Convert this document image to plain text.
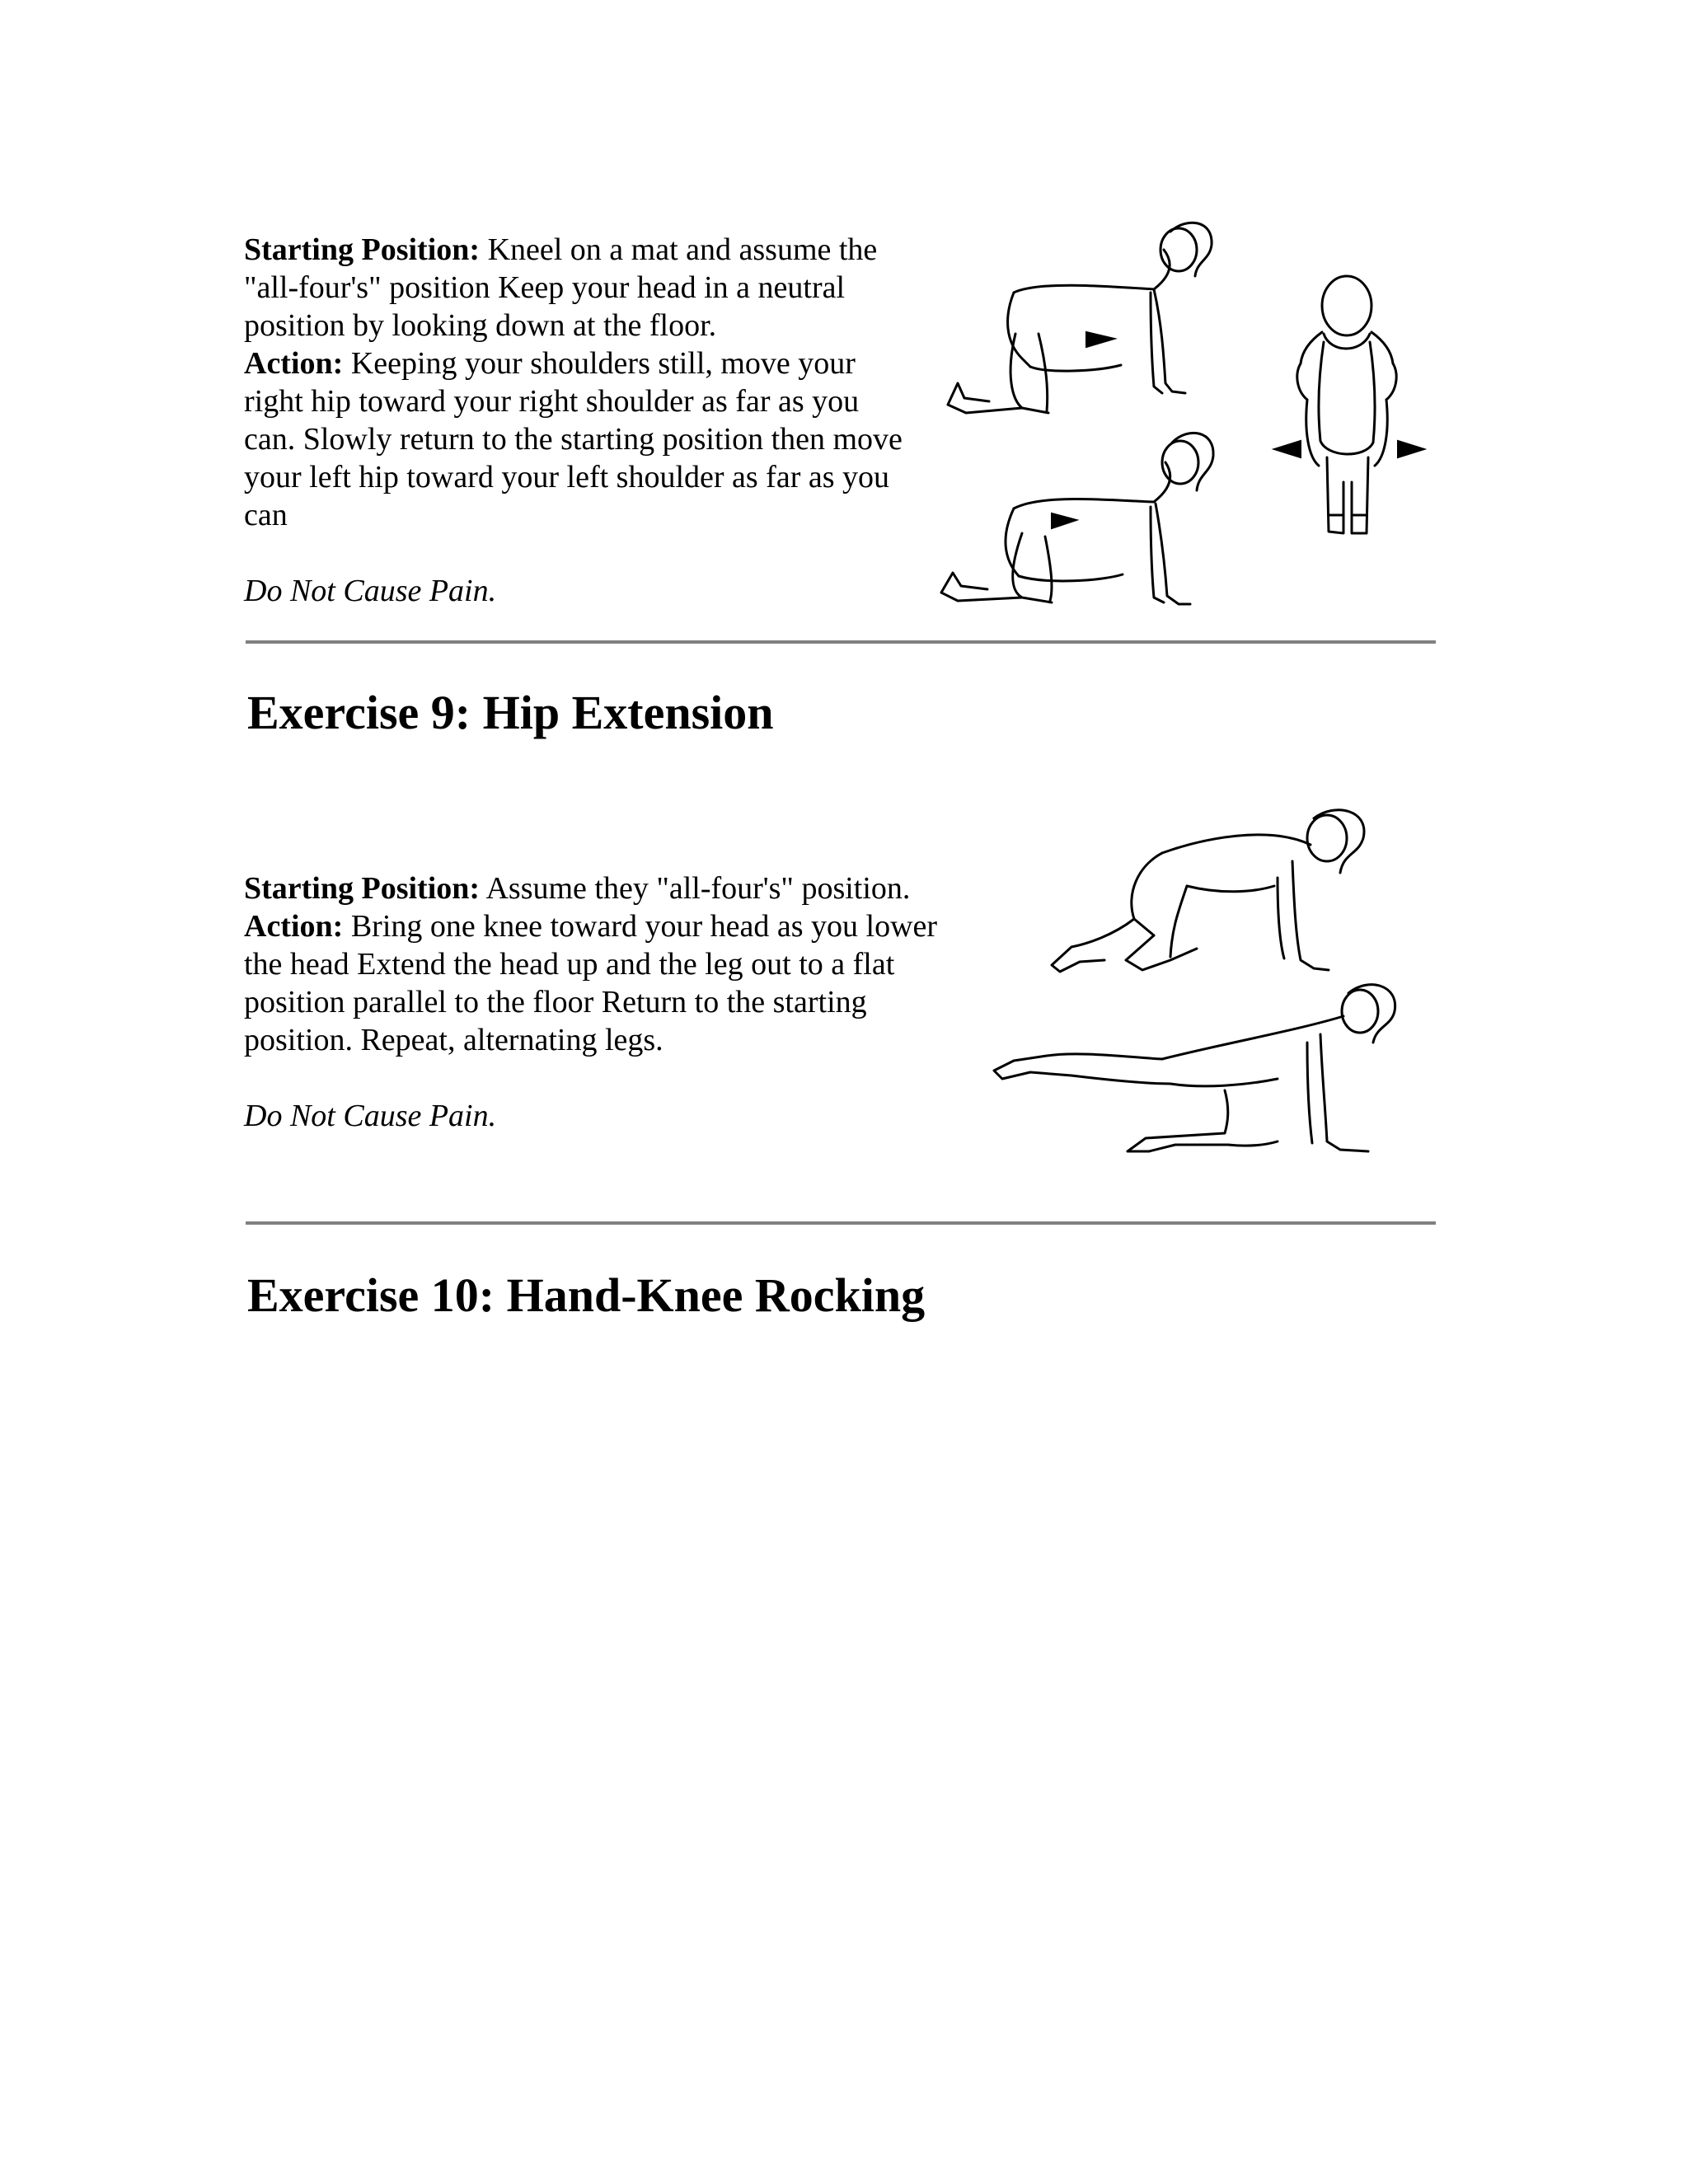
Starting Position: Kneel on a mat and assume the "all-four's" position Keep your head in a neutral position by looking down at the floor.
Action: Keeping your shoulders still, move your right hip toward your right shoulder as far as you can. Slowly return to the starting position then move your left hip toward your left shoulder as far as you can

Do Not Cause Pain.

Exercise 9: Hip Extension

Starting Position: Assume they "all-four's" position.
Action: Bring one knee toward your head as you lower the head Extend the head up and the leg out to a flat position parallel to the floor Return to the starting position. Repeat, alternating legs.

Do Not Cause Pain.

Exercise 10: Hand-Knee Rocking
